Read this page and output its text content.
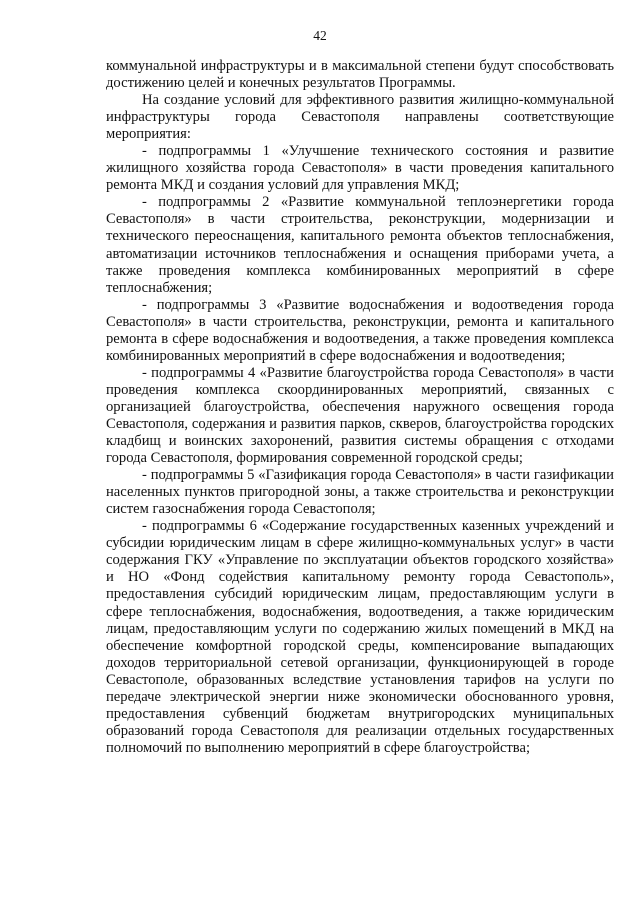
42

коммунальной инфраструктуры и в максимальной степени будут способствовать достижению целей и конечных результатов Программы.

На создание условий для эффективного развития жилищно-коммунальной инфраструктуры города Севастополя направлены соответствующие мероприятия:

- подпрограммы 1 «Улучшение технического состояния и развитие жилищного хозяйства города Севастополя» в части проведения капитального ремонта МКД и создания условий для управления МКД;

- подпрограммы 2 «Развитие коммунальной теплоэнергетики города Севастополя» в части строительства, реконструкции, модернизации и технического переоснащения, капитального ремонта объектов теплоснабжения, автоматизации источников теплоснабжения и оснащения приборами учета, а также проведения комплекса комбинированных мероприятий в сфере теплоснабжения;

- подпрограммы 3 «Развитие водоснабжения и водоотведения города Севастополя» в части строительства, реконструкции, ремонта и капитального ремонта в сфере водоснабжения и водоотведения, а также проведения комплекса комбинированных мероприятий в сфере водоснабжения и водоотведения;

- подпрограммы 4 «Развитие благоустройства города Севастополя» в части проведения комплекса скоординированных мероприятий, связанных с организацией благоустройства, обеспечения наружного освещения города Севастополя, содержания и развития парков, скверов, благоустройства городских кладбищ и воинских захоронений, развития системы обращения с отходами города Севастополя, формирования современной городской среды;

- подпрограммы 5 «Газификация города Севастополя» в части газификации населенных пунктов пригородной зоны, а также строительства и реконструкции систем газоснабжения города Севастополя;

- подпрограммы 6 «Содержание государственных казенных учреждений и субсидии юридическим лицам в сфере жилищно-коммунальных услуг» в части содержания ГКУ «Управление по эксплуатации объектов городского хозяйства» и НО «Фонд содействия капитальному ремонту города Севастополь», предоставления субсидий юридическим лицам, предоставляющим услуги в сфере теплоснабжения, водоснабжения, водоотведения, а также юридическим лицам, предоставляющим услуги по содержанию жилых помещений в МКД на обеспечение комфортной городской среды, компенсирование выпадающих доходов территориальной сетевой организации, функционирующей в городе Севастополе, образованных вследствие установления тарифов на услуги по передаче электрической энергии ниже экономически обоснованного уровня, предоставления субвенций бюджетам внутригородских муниципальных образований города Севастополя для реализации отдельных государственных полномочий по выполнению мероприятий в сфере благоустройства;
